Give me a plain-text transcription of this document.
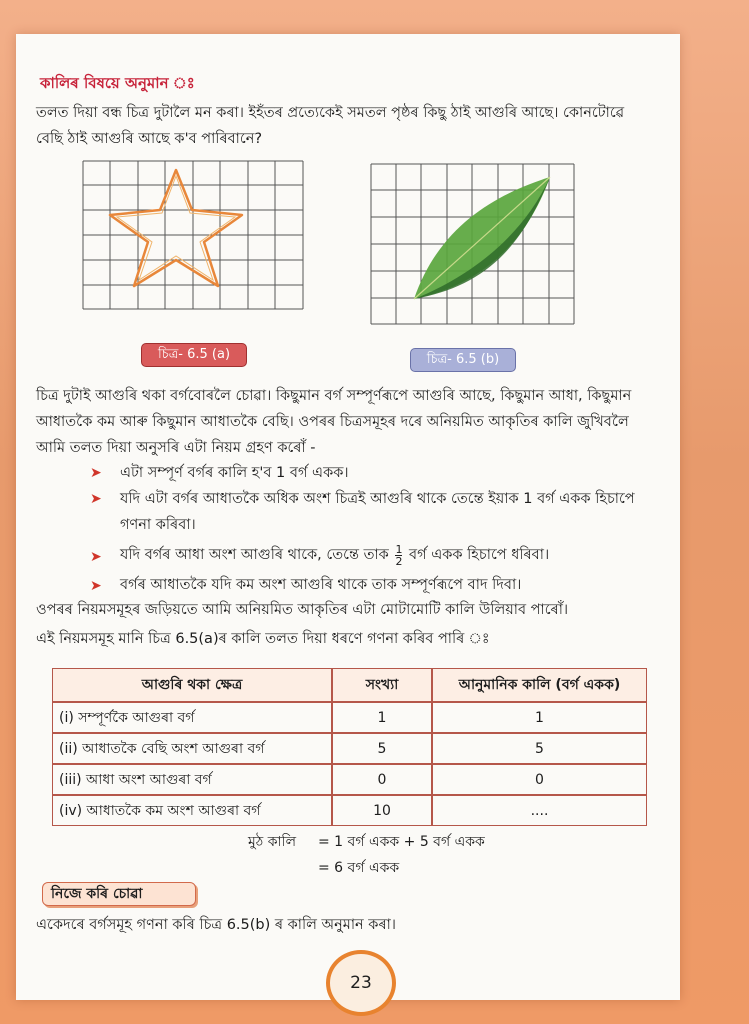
কালিৰ বিষয়ে অনুমান ঃ
তলত দিয়া বন্ধ চিত্ৰ দুটালৈ মন কৰা। ইহঁতৰ প্ৰত্যেকেই সমতল পৃষ্ঠৰ কিছু ঠাই আগুৰি আছে। কোনটোৱে
বেছি ঠাই আগুৰি আছে ক'ব পাৰিবানে?
চিত্ৰ- 6.5 (a)	চিত্ৰ- 6.5 (b)
চিত্ৰ দুটাই আগুৰি থকা বৰ্গবোৰলৈ চোৱা। কিছুমান বৰ্গ সম্পূৰ্ণৰূপে আগুৰি আছে, কিছুমান আধা, কিছুমান
আধাতকৈ কম আৰু কিছুমান আধাতকৈ বেছি। ওপৰৰ চিত্ৰসমূহৰ দৰে অনিয়মিত আকৃতিৰ কালি জুখিবলৈ
আমি তলত দিয়া অনুসৰি এটা নিয়ম গ্ৰহণ কৰোঁ -
➤ এটা সম্পূৰ্ণ বৰ্গৰ কালি হ'ব 1 বৰ্গ একক।
➤ যদি এটা বৰ্গৰ আধাতকৈ অধিক অংশ চিত্ৰই আগুৰি থাকে তেন্তে ইয়াক 1 বৰ্গ একক হিচাপে
গণনা কৰিবা।
➤ যদি বৰ্গৰ আধা অংশ আগুৰি থাকে, তেন্তে তাক $\frac{1}{2}$ বৰ্গ একক হিচাপে ধৰিবা।
➤ বৰ্গৰ আধাতকৈ যদি কম অংশ আগুৰি থাকে তাক সম্পূৰ্ণৰূপে বাদ দিবা।
ওপৰৰ নিয়মসমূহৰ জড়িয়তে আমি অনিয়মিত আকৃতিৰ এটা মোটামোটি কালি উলিয়াব পাৰোঁ।
এই নিয়মসমূহ মানি চিত্ৰ 6.5(a)ৰ কালি তলত দিয়া ধৰণে গণনা কৰিব পাৰি ঃ
আগুৰি থকা ক্ষেত্ৰ	সংখ্যা	আনুমানিক কালি (বৰ্গ একক)
(i) সম্পূৰ্ণকৈ আগুৰা বৰ্গ	1	1
(ii) আধাতকৈ বেছি অংশ আগুৰা বৰ্গ	5	5
(iii) আধা অংশ আগুৰা বৰ্গ	0	0
(iv) আধাতকৈ কম অংশ আগুৰা বৰ্গ	10	....
মুঠ কালি = 1 বৰ্গ একক + 5 বৰ্গ একক
= 6 বৰ্গ একক
নিজে কৰি চোৱা
একেদৰে বৰ্গসমূহ গণনা কৰি চিত্ৰ 6.5(b) ৰ কালি অনুমান কৰা।
23
